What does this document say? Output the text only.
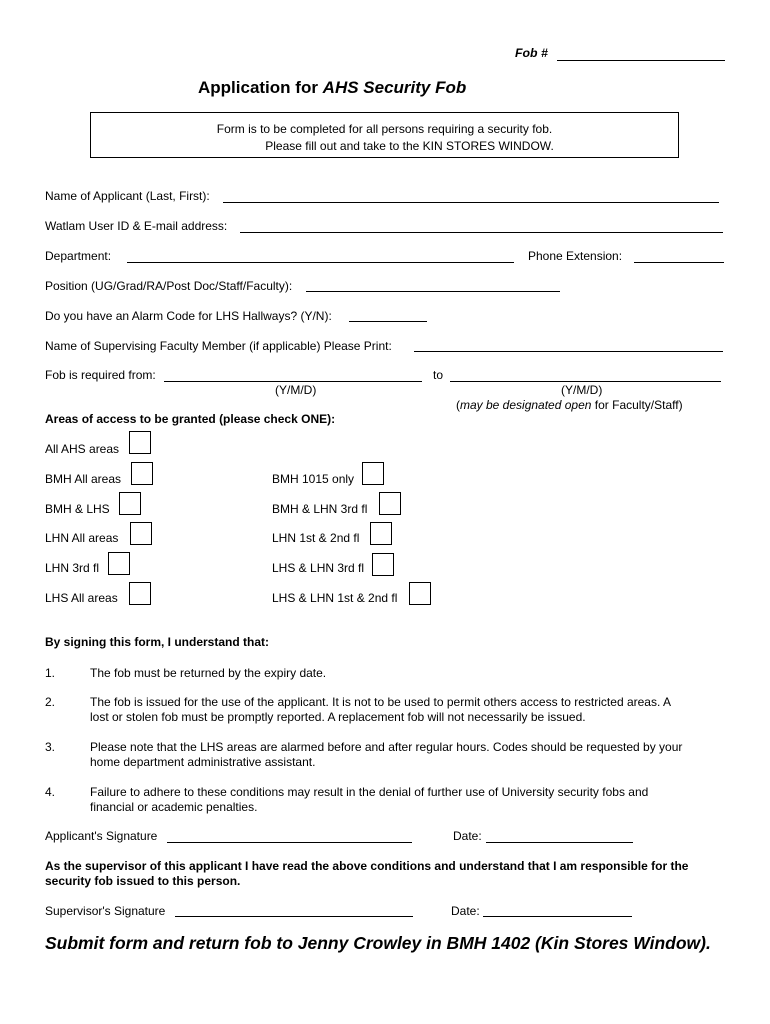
Fob #
Application for AHS Security Fob
Form is to be completed for all persons requiring a security fob.
Please fill out and take to the KIN STORES WINDOW.
Name of Applicant (Last, First):
Watlam User ID & E-mail address:
Department:	Phone Extension:
Position (UG/Grad/RA/Post Doc/Staff/Faculty):
Do you have an Alarm Code for LHS Hallways? (Y/N):
Name of Supervising Faculty Member (if applicable) Please Print:
Fob is required from:	to
(Y/M/D)	(Y/M/D)
(may be designated open for Faculty/Staff)
Areas of access to be granted (please check ONE):
All AHS areas
BMH All areas	BMH 1015 only
BMH & LHS	BMH & LHN 3rd fl
LHN All areas	LHN 1st & 2nd fl
LHN 3rd fl	LHS & LHN 3rd fl
LHS All areas	LHS & LHN 1st & 2nd fl
By signing this form, I understand that:
1.	The fob must be returned by the expiry date.
2.	The fob is issued for the use of the applicant. It is not to be used to permit others access to restricted areas. A
lost or stolen fob must be promptly reported. A replacement fob will not necessarily be issued.
3.	Please note that the LHS areas are alarmed before and after regular hours. Codes should be requested by your
home department administrative assistant.
4.	Failure to adhere to these conditions may result in the denial of further use of University security fobs and
financial or academic penalties.
Applicant's Signature	Date:
As the supervisor of this applicant I have read the above conditions and understand that I am responsible for the
security fob issued to this person.
Supervisor's Signature	Date:
Submit form and return fob to Jenny Crowley in BMH 1402 (Kin Stores Window).
